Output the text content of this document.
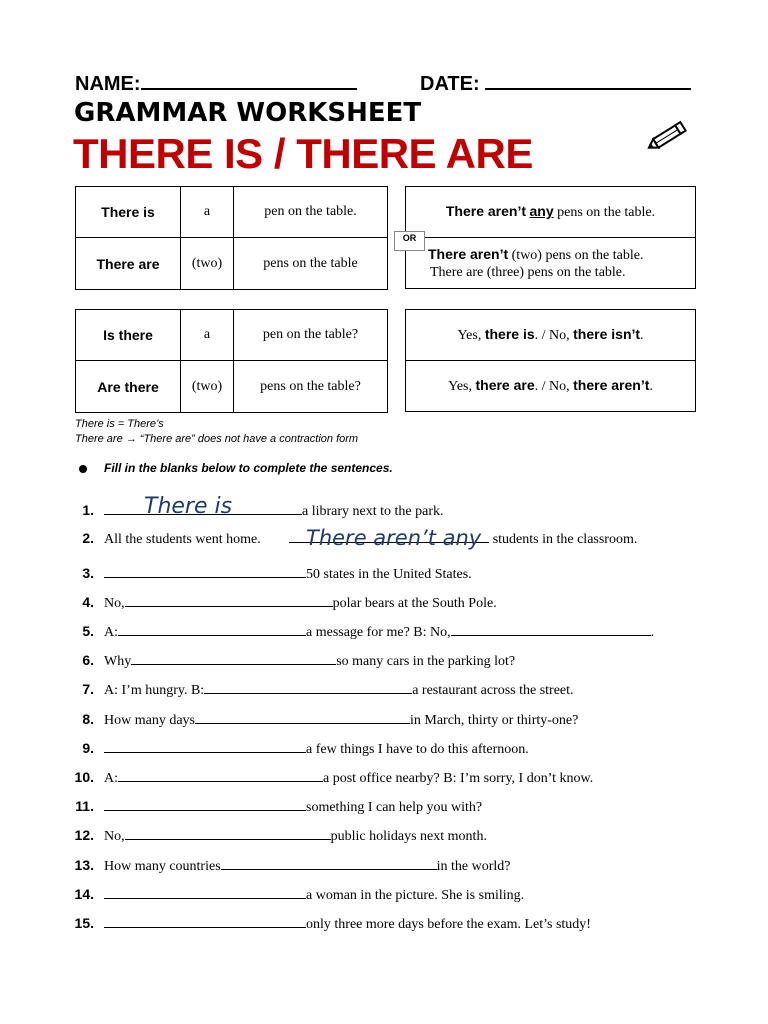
NAME:	DATE:
GRAMMAR WORKSHEET
THERE IS / THERE ARE
There is	a	pen on the table.
There are	(two)	pens on the table
There aren’t any pens on the table.
There aren’t (two) pens on the table.
There are (three) pens on the table.
OR
Is there	a	pen on the table?
Are there	(two)	pens on the table?
Yes, there is. / No, there isn’t.
Yes, there are. / No, there aren’t.
There is = There’s
There are → “There are” does not have a contraction form
Fill in the blanks below to complete the sentences.
1.	a library next to the park.
2. All the students went home.	students in the classroom.
3.	50 states in the United States.
4. No,	polar bears at the South Pole.
5. A:	a message for me? B: No,	.
6. Why	so many cars in the parking lot?
7. A: I’m hungry. B:	a restaurant across the street.
8. How many days	in March, thirty or thirty-one?
9.	a few things I have to do this afternoon.
10. A:	a post office nearby? B: I’m sorry, I don’t know.
11.	something I can help you with?
12. No,	public holidays next month.
13. How many countries	in the world?
14.	a woman in the picture. She is smiling.
15.	only three more days before the exam. Let’s study!
There is
There aren’t any
